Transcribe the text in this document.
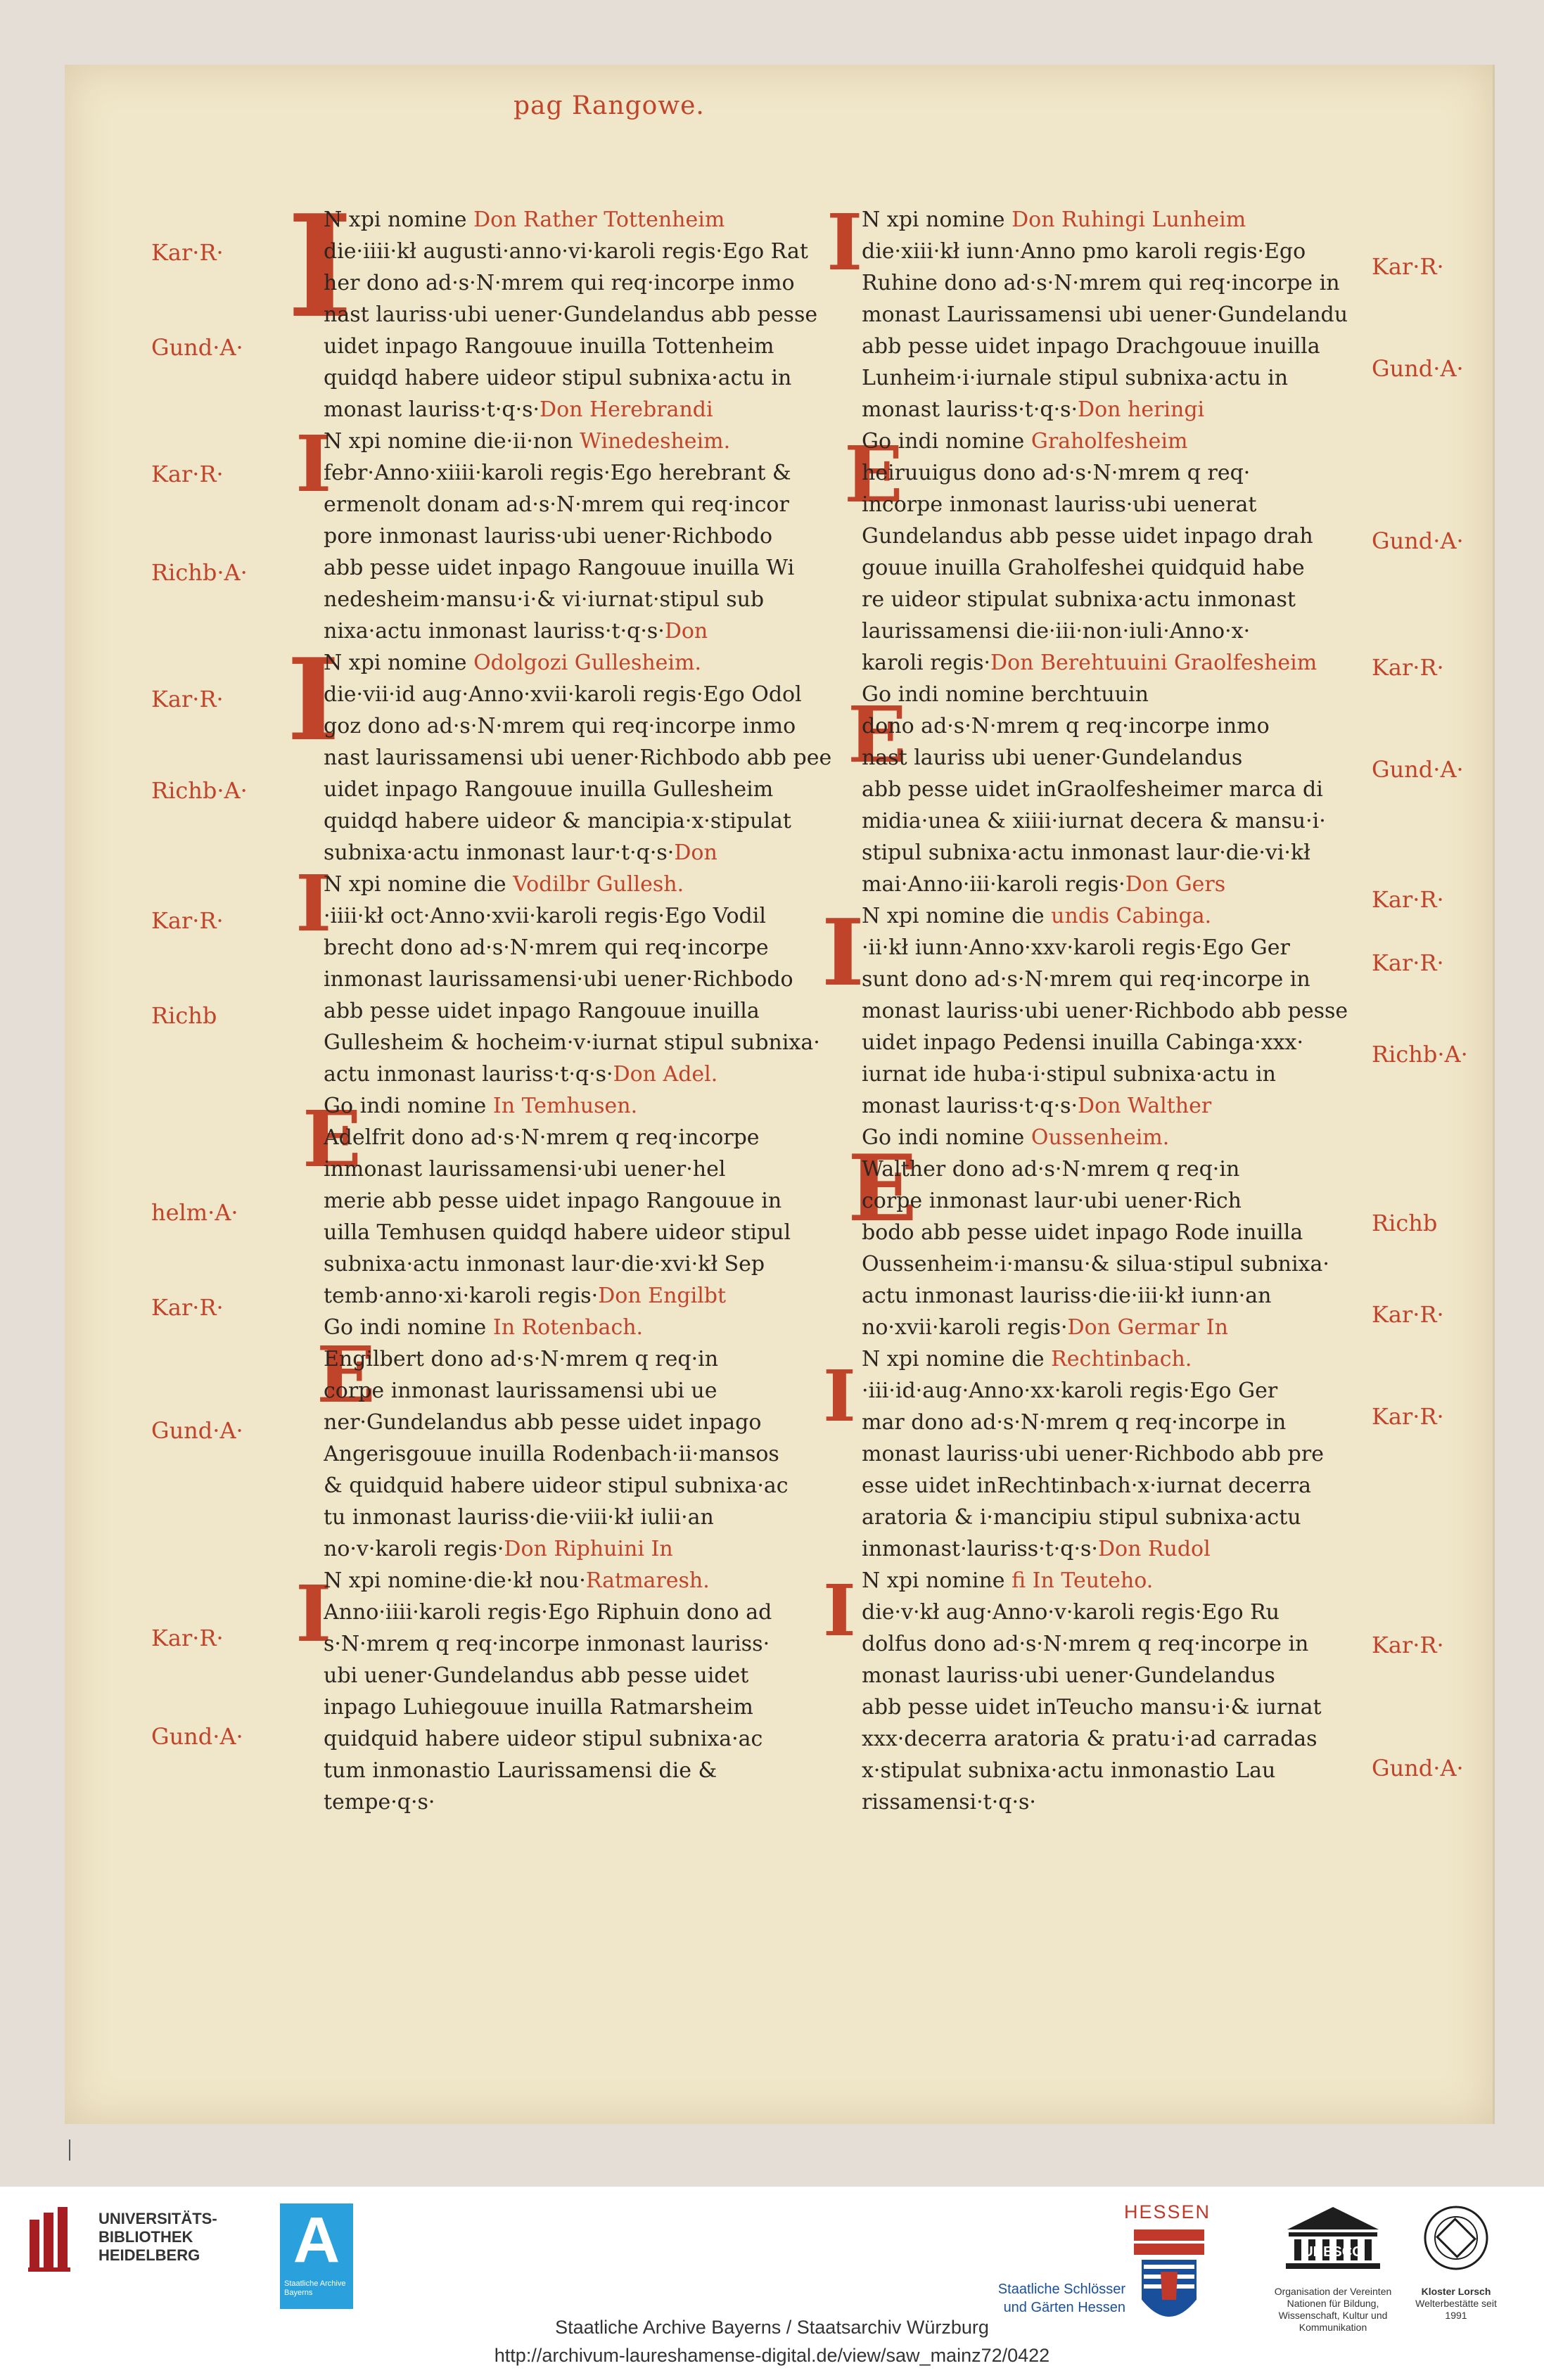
pag Rangowe.
I
I
I
I
E
E
I
I
E
E
I
E
I
I
N xpi nomine Don Rather Tottenheim
die·iiii·kł augusti·anno·vi·karoli regis·Ego Rat
her dono ad·s·N·mrem qui req·incorpe inmo
nast lauriss·ubi uener·Gundelandus abb pesse
uidet inpago Rangouue inuilla Tottenheim
quidqd habere uideor stipul subnixa·actu in
monast lauriss·t·q·s·Don Herebrandi
N xpi nomine die·ii·non Winedesheim.
febr·Anno·xiiii·karoli regis·Ego herebrant &
ermenolt donam ad·s·N·mrem qui req·incor
pore inmonast lauriss·ubi uener·Richbodo
abb pesse uidet inpago Rangouue inuilla Wi
nedesheim·mansu·i·& vi·iurnat·stipul sub
nixa·actu inmonast lauriss·t·q·s·Don
N xpi nomine Odolgozi Gullesheim.
die·vii·id aug·Anno·xvii·karoli regis·Ego Odol
goz dono ad·s·N·mrem qui req·incorpe inmo
nast laurissamensi ubi uener·Richbodo abb pee
uidet inpago Rangouue inuilla Gullesheim
quidqd habere uideor & mancipia·x·stipulat
subnixa·actu inmonast laur·t·q·s·Don
N xpi nomine die Vodilbr Gullesh.
·iiii·kł oct·Anno·xvii·karoli regis·Ego Vodil
brecht dono ad·s·N·mrem qui req·incorpe
inmonast laurissamensi·ubi uener·Richbodo
abb pesse uidet inpago Rangouue inuilla
Gullesheim & hocheim·v·iurnat stipul subnixa·
actu inmonast lauriss·t·q·s·Don Adel.
Go indi nomine In Temhusen.
Adelfrit dono ad·s·N·mrem q req·incorpe
inmonast laurissamensi·ubi uener·hel
merie abb pesse uidet inpago Rangouue in
uilla Temhusen quidqd habere uideor stipul
subnixa·actu inmonast laur·die·xvi·kł Sep
temb·anno·xi·karoli regis·Don Engilbt
Go indi nomine In Rotenbach.
Engilbert dono ad·s·N·mrem q req·in
corpe inmonast laurissamensi ubi ue
ner·Gundelandus abb pesse uidet inpago
Angerisgouue inuilla Rodenbach·ii·mansos
& quidquid habere uideor stipul subnixa·ac
tu inmonast lauriss·die·viii·kł iulii·an
no·v·karoli regis·Don Riphuini In
N xpi nomine·die·kł nou·Ratmaresh.
Anno·iiii·karoli regis·Ego Riphuin dono ad
s·N·mrem q req·incorpe inmonast lauriss·
ubi uener·Gundelandus abb pesse uidet
inpago Luhiegouue inuilla Ratmarsheim
quidquid habere uideor stipul subnixa·ac
tum inmonastio Laurissamensi die &
tempe·q·s·
N xpi nomine Don Ruhingi Lunheim
die·xiii·kł iunn·Anno pmo karoli regis·Ego
Ruhine dono ad·s·N·mrem qui req·incorpe in
monast Laurissamensi ubi uener·Gundelandu
abb pesse uidet inpago Drachgouue inuilla
Lunheim·i·iurnale stipul subnixa·actu in
monast lauriss·t·q·s·Don heringi
Go indi nomine Graholfesheim
heiruuigus dono ad·s·N·mrem q req·
incorpe inmonast lauriss·ubi uenerat
Gundelandus abb pesse uidet inpago drah
gouue inuilla Graholfeshei quidquid habe
re uideor stipulat subnixa·actu inmonast
laurissamensi die·iii·non·iuli·Anno·x·
karoli regis·Don Berehtuuini Graolfesheim
Go indi nomine berchtuuin
dono ad·s·N·mrem q req·incorpe inmo
nast lauriss ubi uener·Gundelandus
abb pesse uidet inGraolfesheimer marca di
midia·unea & xiiii·iurnat decera & mansu·i·
stipul subnixa·actu inmonast laur·die·vi·kł
mai·Anno·iii·karoli regis·Don Gers
N xpi nomine die undis Cabinga.
·ii·kł iunn·Anno·xxv·karoli regis·Ego Ger
sunt dono ad·s·N·mrem qui req·incorpe in
monast lauriss·ubi uener·Richbodo abb pesse
uidet inpago Pedensi inuilla Cabinga·xxx·
iurnat ide huba·i·stipul subnixa·actu in
monast lauriss·t·q·s·Don Walther
Go indi nomine Oussenheim.
Walther dono ad·s·N·mrem q req·in
corpe inmonast laur·ubi uener·Rich
bodo abb pesse uidet inpago Rode inuilla
Oussenheim·i·mansu·& silua·stipul subnixa·
actu inmonast lauriss·die·iii·kł iunn·an
no·xvii·karoli regis·Don Germar In
N xpi nomine die Rechtinbach.
·iii·id·aug·Anno·xx·karoli regis·Ego Ger
mar dono ad·s·N·mrem q req·incorpe in
monast lauriss·ubi uener·Richbodo abb pre
esse uidet inRechtinbach·x·iurnat decerra
aratoria & i·mancipiu stipul subnixa·actu
inmonast·lauriss·t·q·s·Don Rudol
N xpi nomine fi In Teuteho.
die·v·kł aug·Anno·v·karoli regis·Ego Ru
dolfus dono ad·s·N·mrem q req·incorpe in
monast lauriss·ubi uener·Gundelandus
abb pesse uidet inTeucho mansu·i·& iurnat
xxx·decerra aratoria & pratu·i·ad carradas
x·stipulat subnixa·actu inmonastio Lau
rissamensi·t·q·s·
Kar·R·
Gund·A·
Kar·R·
Richb·A·
Kar·R·
Richb·A·
Kar·R·
Richb
helm·A·
Kar·R·
Gund·A·
Kar·R·
Gund·A·
Kar·R·
Gund·A·
Gund·A·
Kar·R·
Gund·A·
Kar·R·
Kar·R·
Richb·A·
Richb
Kar·R·
Kar·R·
Kar·R·
Gund·A·
UNIVERSITÄTS-
BIBLIOTHEK
HEIDELBERG	A
Staatliche Archive Bayerns
HESSEN
Staatliche Schlösser
und Gärten Hessen
UNESCO
Organisation der Vereinten Nationen für Bildung, Wissenschaft, Kultur und Kommunikation
Kloster Lorsch
Welterbestätte seit 1991
Staatliche Archive Bayerns / Staatsarchiv Würzburg
http://archivum-laureshamense-digital.de/view/saw_mainz72/0422
